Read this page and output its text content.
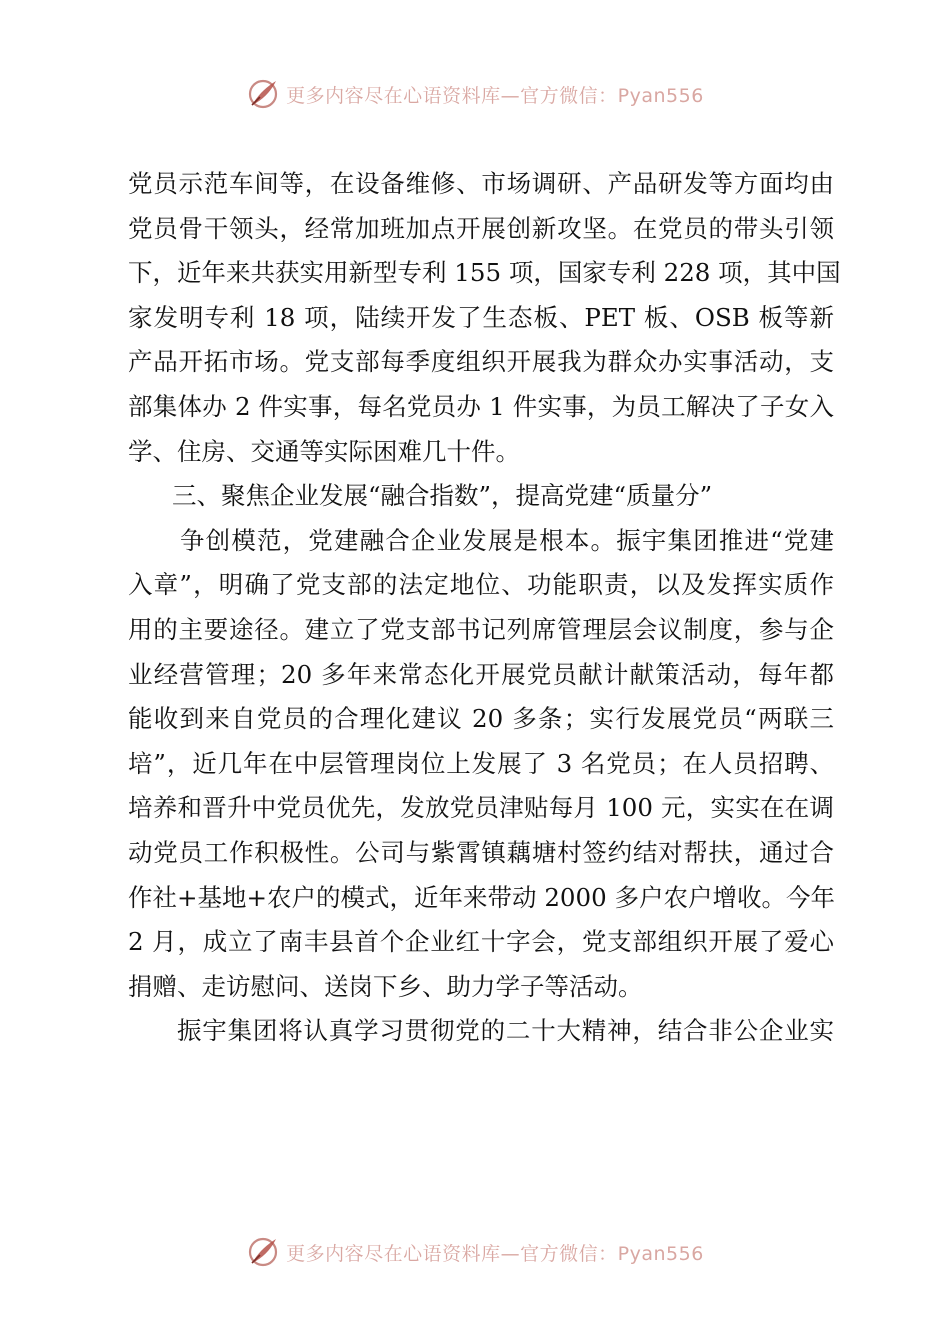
更多内容尽在心语资料库—官方微信：Pyan556
党员示范车间等，在设备维修、市场调研、产品研发等方面均由
党员骨干领头，经常加班加点开展创新攻坚。在党员的带头引领
下，近年来共获实用新型专利 155 项，国家专利 228 项，其中国
家发明专利 18 项，陆续开发了生态板、PET 板、OSB 板等新
产品开拓市场。党支部每季度组织开展我为群众办实事活动，支
部集体办 2 件实事，每名党员办 1 件实事，为员工解决了子女入
学、住房、交通等实际困难几十件。
三、聚焦企业发展“融合指数”，提高党建“质量分”
争创模范，党建融合企业发展是根本。振宇集团推进“党建
入章”，明确了党支部的法定地位、功能职责，以及发挥实质作
用的主要途径。建立了党支部书记列席管理层会议制度，参与企
业经营管理；20 多年来常态化开展党员献计献策活动，每年都
能收到来自党员的合理化建议 20 多条；实行发展党员“两联三
培”，近几年在中层管理岗位上发展了 3 名党员；在人员招聘、
培养和晋升中党员优先，发放党员津贴每月 100 元，实实在在调
动党员工作积极性。公司与紫霄镇藕塘村签约结对帮扶，通过合
作社+基地+农户的模式，近年来带动 2000 多户农户增收。今年
2 月，成立了南丰县首个企业红十字会，党支部组织开展了爱心
捐赠、走访慰问、送岗下乡、助力学子等活动。
振宇集团将认真学习贯彻党的二十大精神，结合非公企业实
更多内容尽在心语资料库—官方微信：Pyan556
